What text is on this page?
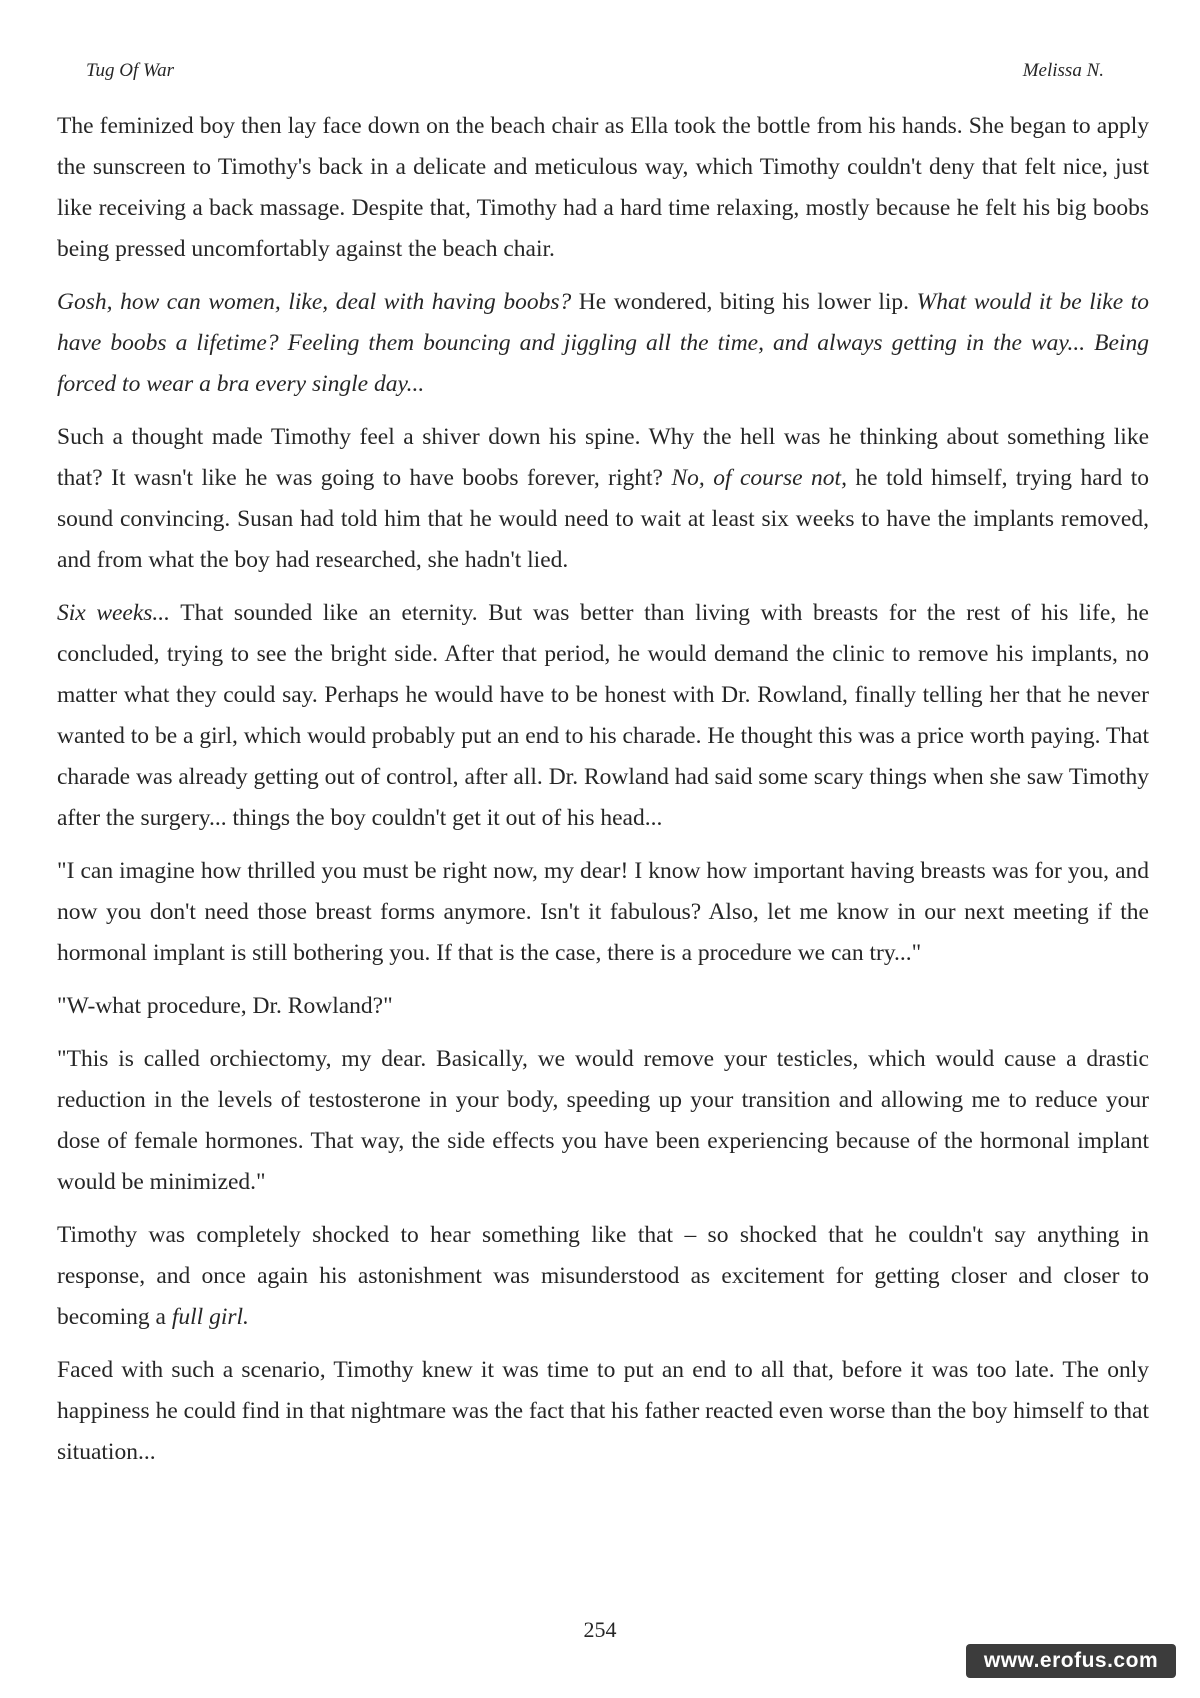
Tug Of War	Melissa N.

The feminized boy then lay face down on the beach chair as Ella took the bottle from his hands. She began to apply the sunscreen to Timothy's back in a delicate and meticulous way, which Timothy couldn't deny that felt nice, just like receiving a back massage. Despite that, Timothy had a hard time relaxing, mostly because he felt his big boobs being pressed uncomfortably against the beach chair.

Gosh, how can women, like, deal with having boobs? He wondered, biting his lower lip. What would it be like to have boobs a lifetime? Feeling them bouncing and jiggling all the time, and always getting in the way... Being forced to wear a bra every single day...

Such a thought made Timothy feel a shiver down his spine. Why the hell was he thinking about something like that? It wasn't like he was going to have boobs forever, right? No, of course not, he told himself, trying hard to sound convincing. Susan had told him that he would need to wait at least six weeks to have the implants removed, and from what the boy had researched, she hadn't lied.

Six weeks... That sounded like an eternity. But was better than living with breasts for the rest of his life, he concluded, trying to see the bright side. After that period, he would demand the clinic to remove his implants, no matter what they could say. Perhaps he would have to be honest with Dr. Rowland, finally telling her that he never wanted to be a girl, which would probably put an end to his charade. He thought this was a price worth paying. That charade was already getting out of control, after all. Dr. Rowland had said some scary things when she saw Timothy after the surgery... things the boy couldn't get it out of his head...

"I can imagine how thrilled you must be right now, my dear! I know how important having breasts was for you, and now you don't need those breast forms anymore. Isn't it fabulous? Also, let me know in our next meeting if the hormonal implant is still bothering you. If that is the case, there is a procedure we can try..."

"W-what procedure, Dr. Rowland?"

"This is called orchiectomy, my dear. Basically, we would remove your testicles, which would cause a drastic reduction in the levels of testosterone in your body, speeding up your transition and allowing me to reduce your dose of female hormones. That way, the side effects you have been experiencing because of the hormonal implant would be minimized."

Timothy was completely shocked to hear something like that – so shocked that he couldn't say anything in response, and once again his astonishment was misunderstood as excitement for getting closer and closer to becoming a full girl.

Faced with such a scenario, Timothy knew it was time to put an end to all that, before it was too late. The only happiness he could find in that nightmare was the fact that his father reacted even worse than the boy himself to that situation...

254
www.erofus.com
